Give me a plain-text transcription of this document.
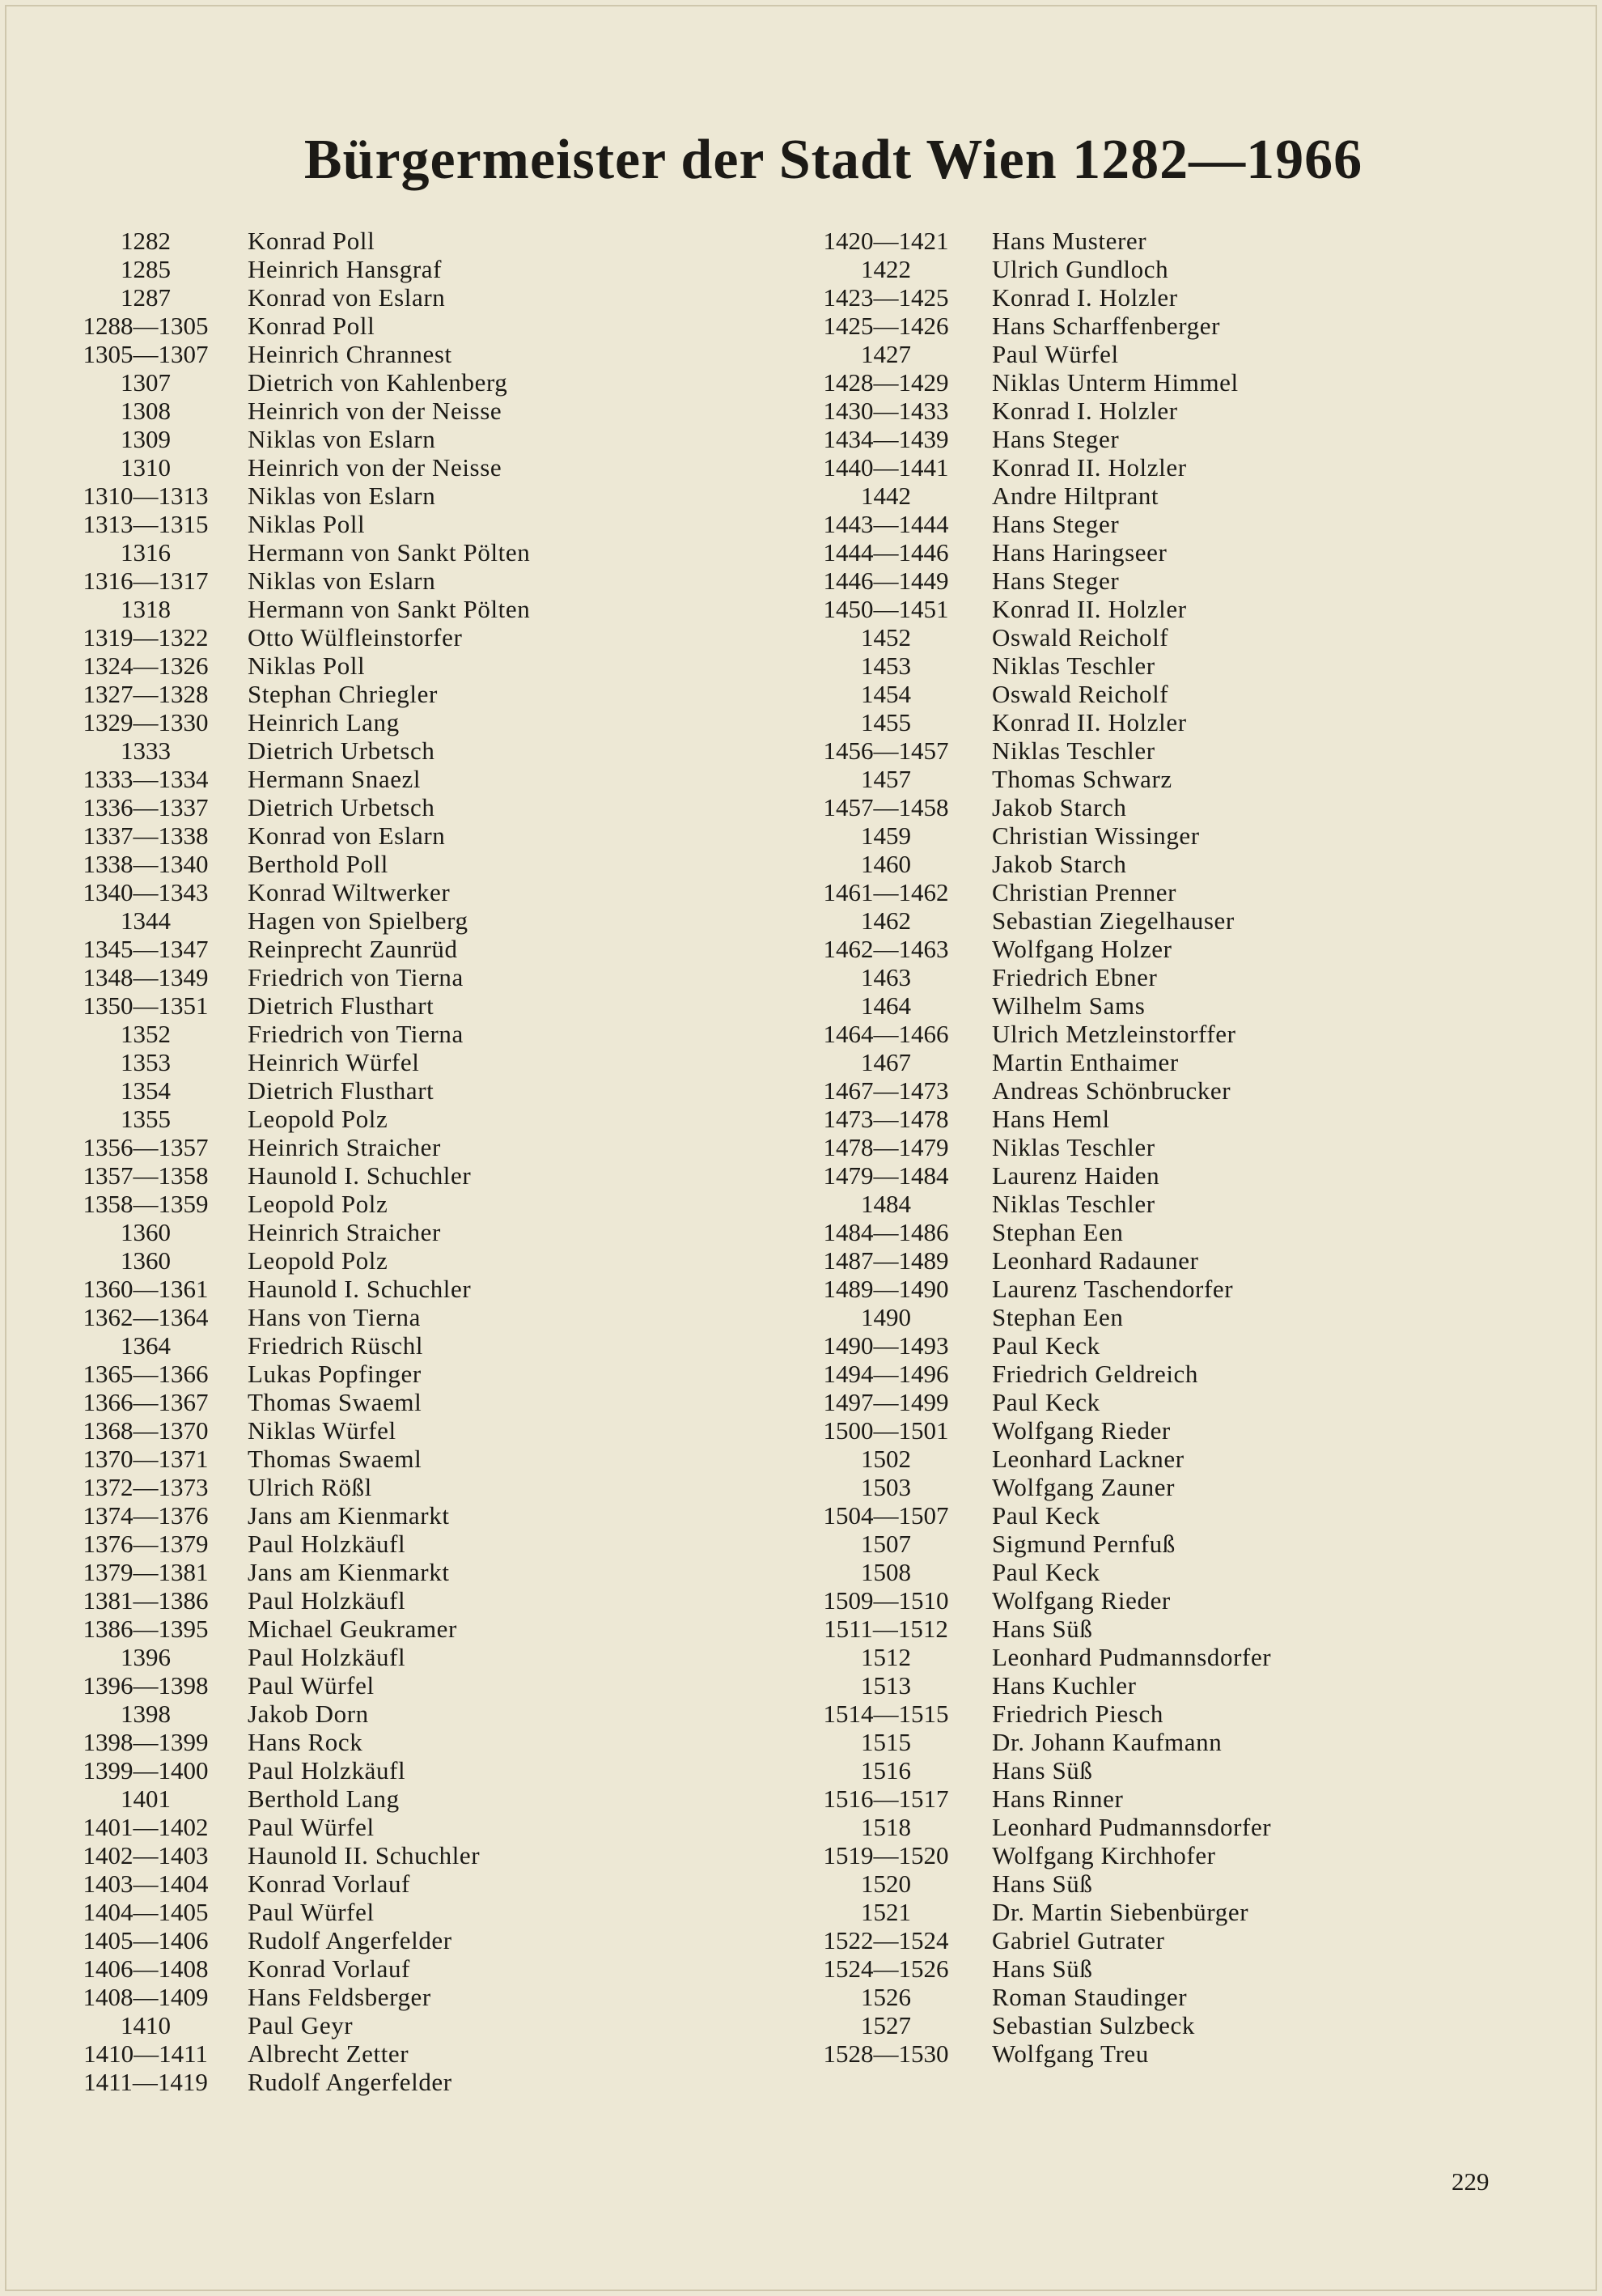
Bürgermeister der Stadt Wien 1282—1966
1282	Konrad Poll
1285	Heinrich Hansgraf
1287	Konrad von Eslarn
1288—1305	Konrad Poll
1305—1307	Heinrich Chrannest
1307	Dietrich von Kahlenberg
1308	Heinrich von der Neisse
1309	Niklas von Eslarn
1310	Heinrich von der Neisse
1310—1313	Niklas von Eslarn
1313—1315	Niklas Poll
1316	Hermann von Sankt Pölten
1316—1317	Niklas von Eslarn
1318	Hermann von Sankt Pölten
1319—1322	Otto Wülfleinstorfer
1324—1326	Niklas Poll
1327—1328	Stephan Chriegler
1329—1330	Heinrich Lang
1333	Dietrich Urbetsch
1333—1334	Hermann Snaezl
1336—1337	Dietrich Urbetsch
1337—1338	Konrad von Eslarn
1338—1340	Berthold Poll
1340—1343	Konrad Wiltwerker
1344	Hagen von Spielberg
1345—1347	Reinprecht Zaunrüd
1348—1349	Friedrich von Tierna
1350—1351	Dietrich Flusthart
1352	Friedrich von Tierna
1353	Heinrich Würfel
1354	Dietrich Flusthart
1355	Leopold Polz
1356—1357	Heinrich Straicher
1357—1358	Haunold I. Schuchler
1358—1359	Leopold Polz
1360	Heinrich Straicher
1360	Leopold Polz
1360—1361	Haunold I. Schuchler
1362—1364	Hans von Tierna
1364	Friedrich Rüschl
1365—1366	Lukas Popfinger
1366—1367	Thomas Swaeml
1368—1370	Niklas Würfel
1370—1371	Thomas Swaeml
1372—1373	Ulrich Rößl
1374—1376	Jans am Kienmarkt
1376—1379	Paul Holzkäufl
1379—1381	Jans am Kienmarkt
1381—1386	Paul Holzkäufl
1386—1395	Michael Geukramer
1396	Paul Holzkäufl
1396—1398	Paul Würfel
1398	Jakob Dorn
1398—1399	Hans Rock
1399—1400	Paul Holzkäufl
1401	Berthold Lang
1401—1402	Paul Würfel
1402—1403	Haunold II. Schuchler
1403—1404	Konrad Vorlauf
1404—1405	Paul Würfel
1405—1406	Rudolf Angerfelder
1406—1408	Konrad Vorlauf
1408—1409	Hans Feldsberger
1410	Paul Geyr
1410—1411	Albrecht Zetter
1411—1419	Rudolf Angerfelder
1420—1421	Hans Musterer
1422	Ulrich Gundloch
1423—1425	Konrad I. Holzler
1425—1426	Hans Scharffenberger
1427	Paul Würfel
1428—1429	Niklas Unterm Himmel
1430—1433	Konrad I. Holzler
1434—1439	Hans Steger
1440—1441	Konrad II. Holzler
1442	Andre Hiltprant
1443—1444	Hans Steger
1444—1446	Hans Haringseer
1446—1449	Hans Steger
1450—1451	Konrad II. Holzler
1452	Oswald Reicholf
1453	Niklas Teschler
1454	Oswald Reicholf
1455	Konrad II. Holzler
1456—1457	Niklas Teschler
1457	Thomas Schwarz
1457—1458	Jakob Starch
1459	Christian Wissinger
1460	Jakob Starch
1461—1462	Christian Prenner
1462	Sebastian Ziegelhauser
1462—1463	Wolfgang Holzer
1463	Friedrich Ebner
1464	Wilhelm Sams
1464—1466	Ulrich Metzleinstorffer
1467	Martin Enthaimer
1467—1473	Andreas Schönbrucker
1473—1478	Hans Heml
1478—1479	Niklas Teschler
1479—1484	Laurenz Haiden
1484	Niklas Teschler
1484—1486	Stephan Een
1487—1489	Leonhard Radauner
1489—1490	Laurenz Taschendorfer
1490	Stephan Een
1490—1493	Paul Keck
1494—1496	Friedrich Geldreich
1497—1499	Paul Keck
1500—1501	Wolfgang Rieder
1502	Leonhard Lackner
1503	Wolfgang Zauner
1504—1507	Paul Keck
1507	Sigmund Pernfuß
1508	Paul Keck
1509—1510	Wolfgang Rieder
1511—1512	Hans Süß
1512	Leonhard Pudmannsdorfer
1513	Hans Kuchler
1514—1515	Friedrich Piesch
1515	Dr. Johann Kaufmann
1516	Hans Süß
1516—1517	Hans Rinner
1518	Leonhard Pudmannsdorfer
1519—1520	Wolfgang Kirchhofer
1520	Hans Süß
1521	Dr. Martin Siebenbürger
1522—1524	Gabriel Gutrater
1524—1526	Hans Süß
1526	Roman Staudinger
1527	Sebastian Sulzbeck
1528—1530	Wolfgang Treu
229
